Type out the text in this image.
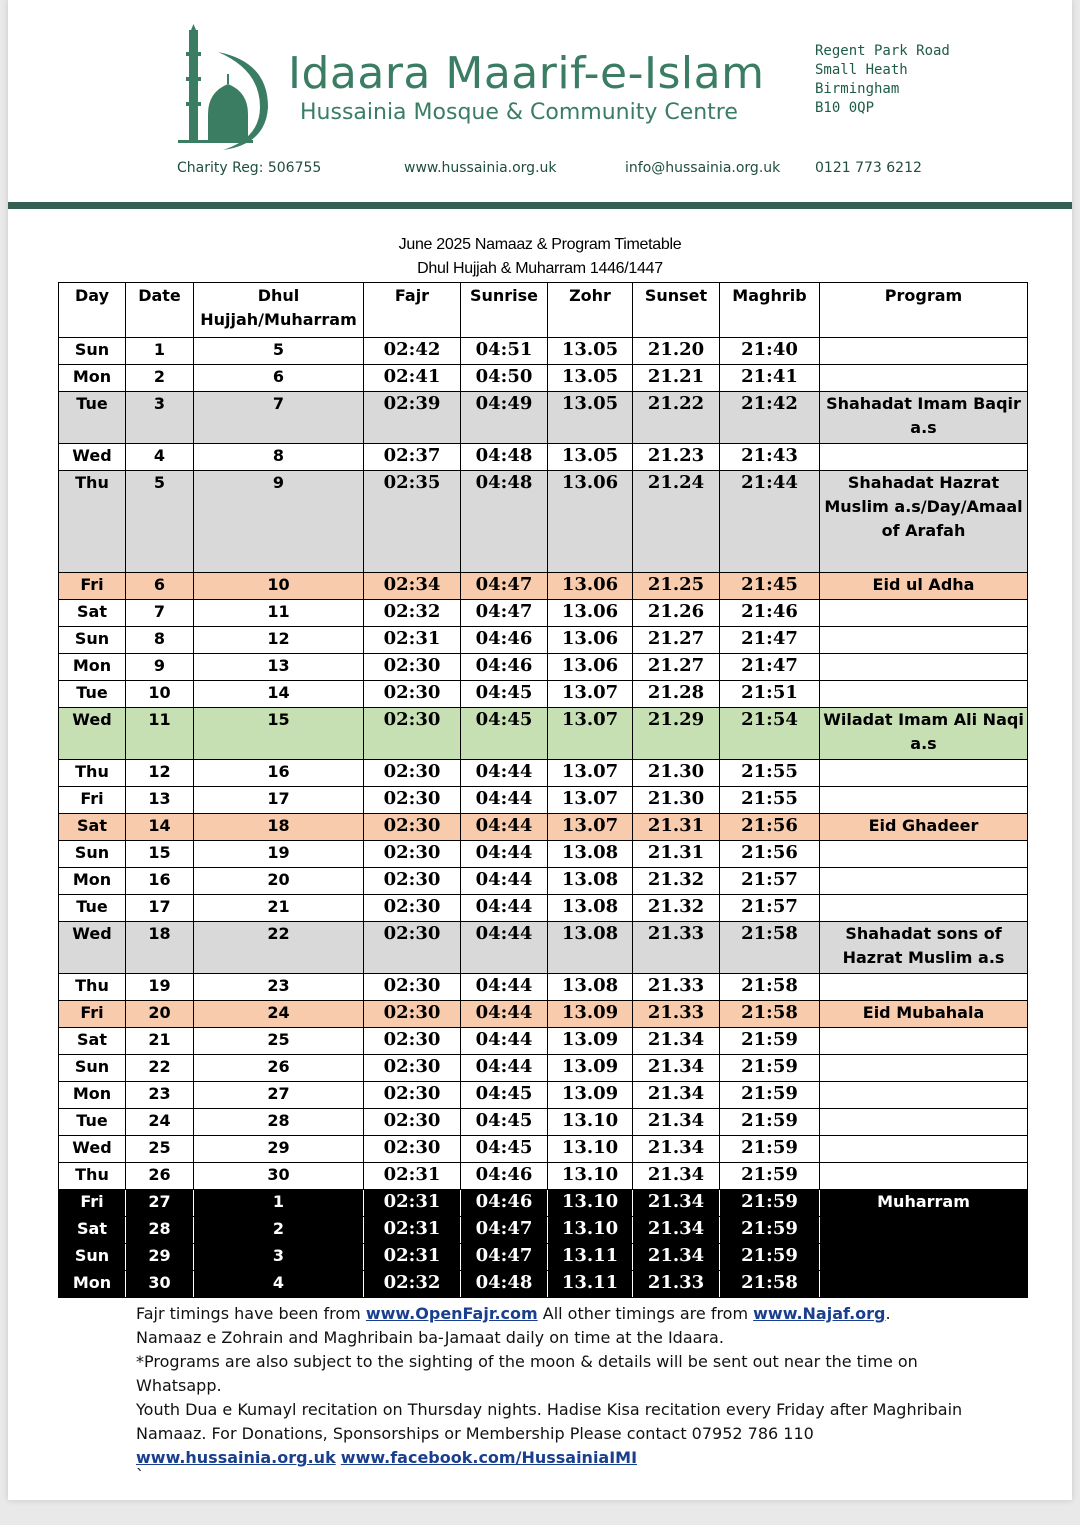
Idaara Maarif-e-Islam
Hussainia Mosque & Community Centre
Regent Park Road
Small Heath
Birmingham
B10 0QP
Charity Reg: 506755	www.hussainia.org.uk	info@hussainia.org.uk 0121 773 6212
June 2025 Namaaz & Program Timetable
Dhul Hujjah & Muharram 1446/1447
Day	Date	Dhul Hujjah/Muharram	Fajr	Sunrise	Zohr	Sunset	Maghrib	Program
Sun	1	5	02:42	04:51	13.05	21.20	21:40	
Mon	2	6	02:41	04:50	13.05	21.21	21:41	
Tue	3	7	02:39	04:49	13.05	21.22	21:42	Shahadat Imam Baqir a.s
Wed	4	8	02:37	04:48	13.05	21.23	21:43	
Thu	5	9	02:35	04:48	13.06	21.24	21:44	Shahadat Hazrat Muslim a.s/Day/Amaal of Arafah
Fri	6	10	02:34	04:47	13.06	21.25	21:45	Eid ul Adha
Sat	7	11	02:32	04:47	13.06	21.26	21:46	
Sun	8	12	02:31	04:46	13.06	21.27	21:47	
Mon	9	13	02:30	04:46	13.06	21.27	21:47	
Tue	10	14	02:30	04:45	13.07	21.28	21:51	
Wed	11	15	02:30	04:45	13.07	21.29	21:54	Wiladat Imam Ali Naqi a.s
Thu	12	16	02:30	04:44	13.07	21.30	21:55	
Fri	13	17	02:30	04:44	13.07	21.30	21:55	
Sat	14	18	02:30	04:44	13.07	21.31	21:56	Eid Ghadeer
Sun	15	19	02:30	04:44	13.08	21.31	21:56	
Mon	16	20	02:30	04:44	13.08	21.32	21:57	
Tue	17	21	02:30	04:44	13.08	21.32	21:57	
Wed	18	22	02:30	04:44	13.08	21.33	21:58	Shahadat sons of Hazrat Muslim a.s
Thu	19	23	02:30	04:44	13.08	21.33	21:58	
Fri	20	24	02:30	04:44	13.09	21.33	21:58	Eid Mubahala
Sat	21	25	02:30	04:44	13.09	21.34	21:59	
Sun	22	26	02:30	04:44	13.09	21.34	21:59	
Mon	23	27	02:30	04:45	13.09	21.34	21:59	
Tue	24	28	02:30	04:45	13.10	21.34	21:59	
Wed	25	29	02:30	04:45	13.10	21.34	21:59	
Thu	26	30	02:31	04:46	13.10	21.34	21:59	
Fri	27	1	02:31	04:46	13.10	21.34	21:59	Muharram
Sat	28	2	02:31	04:47	13.10	21.34	21:59	
Sun	29	3	02:31	04:47	13.11	21.34	21:59	
Mon	30	4	02:32	04:48	13.11	21.33	21:58	
Fajr timings have been from www.OpenFajr.com All other timings are from www.Najaf.org.
Namaaz e Zohrain and Maghribain ba-Jamaat daily on time at the Idaara.
*Programs are also subject to the sighting of the moon & details will be sent out near the time on Whatsapp.
Youth Dua e Kumayl recitation on Thursday nights. Hadise Kisa recitation every Friday after Maghribain Namaaz. For Donations, Sponsorships or Membership Please contact 07952 786 110
www.hussainia.org.uk www.facebook.com/HussainiaIMI
`
